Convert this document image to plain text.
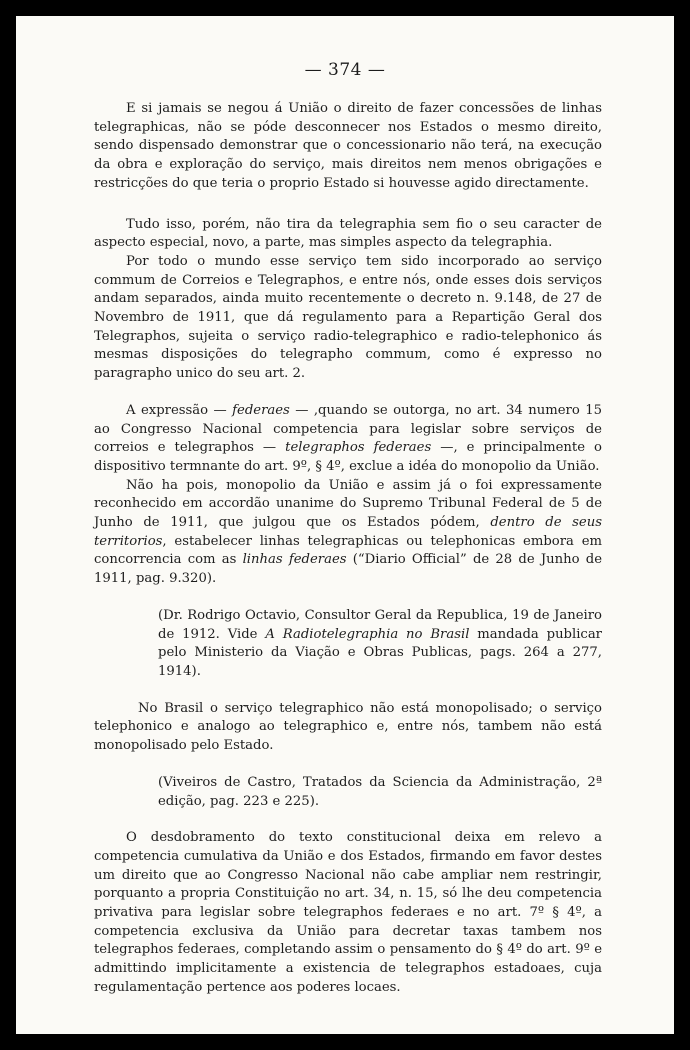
— 374 —

E si jamais se negou á União o direito de fazer concessões de linhas telegraphicas, não se póde desconnecer nos Estados o mesmo direito, sendo dispensado demonstrar que o concessionario não terá, na execução da obra e exploração do serviço, mais direitos nem menos obrigações e restricções do que teria o proprio Estado si houvesse agido directamente.

Tudo isso, porém, não tira da telegraphia sem fio o seu caracter de aspecto especial, novo, a parte, mas simples aspecto da telegraphia.

Por todo o mundo esse serviço tem sido incorporado ao serviço commum de Correios e Telegraphos, e entre nós, onde esses dois serviços andam separados, ainda muito recentemente o decreto n. 9.148, de 27 de Novembro de 1911, que dá regulamento para a Repartição Geral dos Telegraphos, sujeita o serviço radio-telegraphico e radio-telephonico ás mesmas disposições do telegrapho commum, como é expresso no paragrapho unico do seu art. 2.

A expressão — federaes — ,quando se outorga, no art. 34 numero 15 ao Congresso Nacional competencia para legislar sobre serviços de correios e telegraphos — telegraphos federaes —, e principalmente o dispositivo termnante do art. 9º, § 4º, exclue a idéa do monopolio da União.

Não ha pois, monopolio da União e assim já o foi expressamente reconhecido em accordão unanime do Supremo Tribunal Federal de 5 de Junho de 1911, que julgou que os Estados pódem, dentro de seus territorios, estabelecer linhas telegraphicas ou telephonicas embora em concorrencia com as linhas federaes (“Diario Official” de 28 de Junho de 1911, pag. 9.320).

(Dr. Rodrigo Octavio, Consultor Geral da Republica, 19 de Janeiro de 1912. Vide A Radiotelegraphia no Brasil mandada publicar pelo Ministerio da Viação e Obras Publicas, pags. 264 a 277, 1914).

No Brasil o serviço telegraphico não está monopolisado; o serviço telephonico e analogo ao telegraphico e, entre nós, tambem não está monopolisado pelo Estado.

(Viveiros de Castro, Tratados da Sciencia da Administração, 2ª edição, pag. 223 e 225).

O desdobramento do texto constitucional deixa em relevo a competencia cumulativa da União e dos Estados, firmando em favor destes um direito que ao Congresso Nacional não cabe ampliar nem restringir, porquanto a propria Constituição no art. 34, n. 15, só lhe deu competencia privativa para legislar sobre telegraphos federaes e no art. 7º § 4º, a competencia exclusiva da União para decretar taxas tambem nos telegraphos federaes, completando assim o pensamento do § 4º do art. 9º e admittindo implicitamente a existencia de telegraphos estadoaes, cuja regulamentação pertence aos poderes locaes.
